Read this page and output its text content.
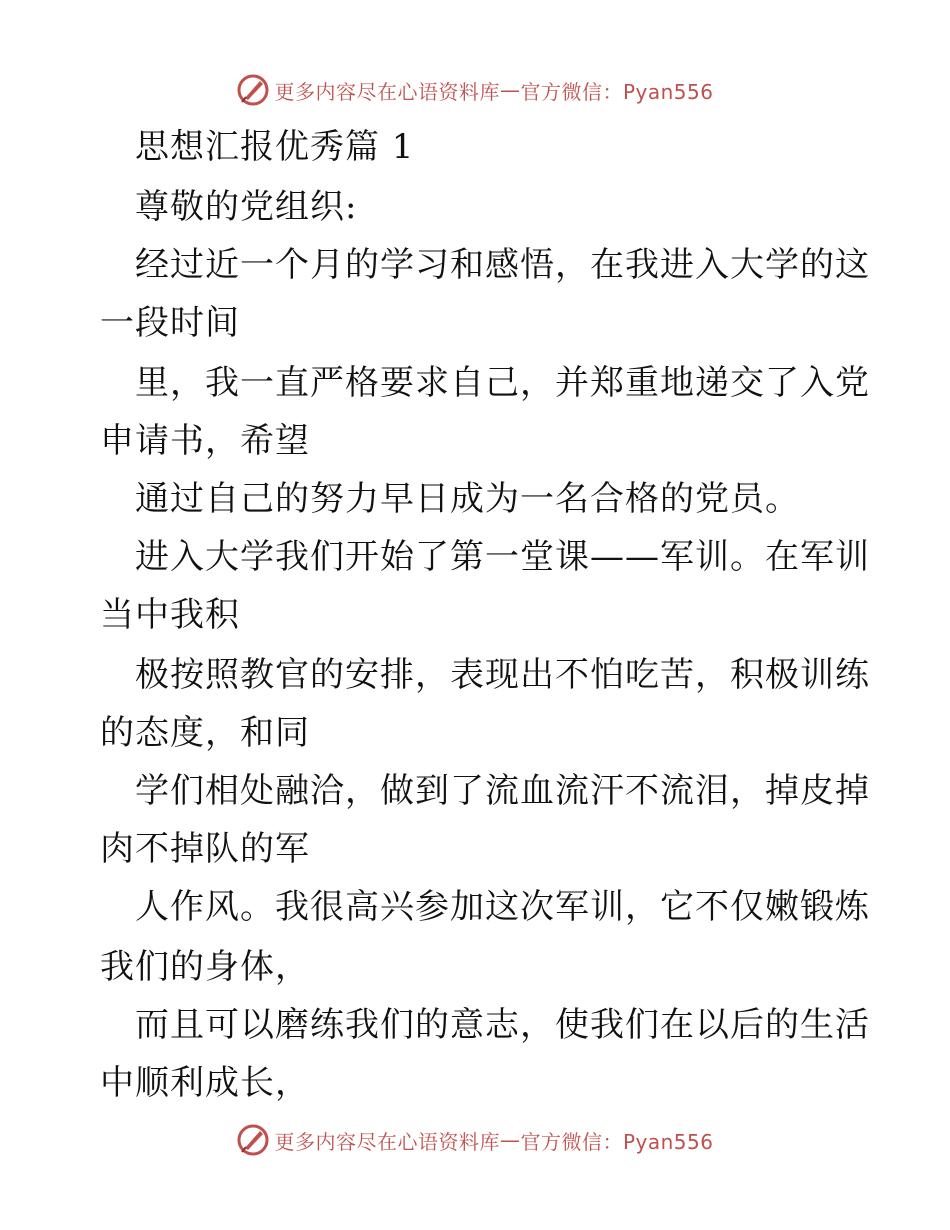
更多内容尽在心语资料库 — 官方微信：Pyan556
思想汇报优秀篇 1
尊敬的党组织:
经过近一个月的学习和感悟，在我进入大学的这
一段时间
里，我一直严格要求自己，并郑重地递交了入党
申请书，希望
通过自己的努力早日成为一名合格的党员。
进入大学我们开始了第一堂课——军训。在军训
当中我积
极按照教官的安排，表现出不怕吃苦，积极训练
的态度，和同
学们相处融洽，做到了流血流汗不流泪，掉皮掉
肉不掉队的军
人作风。我很高兴参加这次军训，它不仅嫩锻炼
我们的身体，
而且可以磨练我们的意志，使我们在以后的生活
中顺利成长，
更多内容尽在心语资料库 — 官方微信：Pyan556
